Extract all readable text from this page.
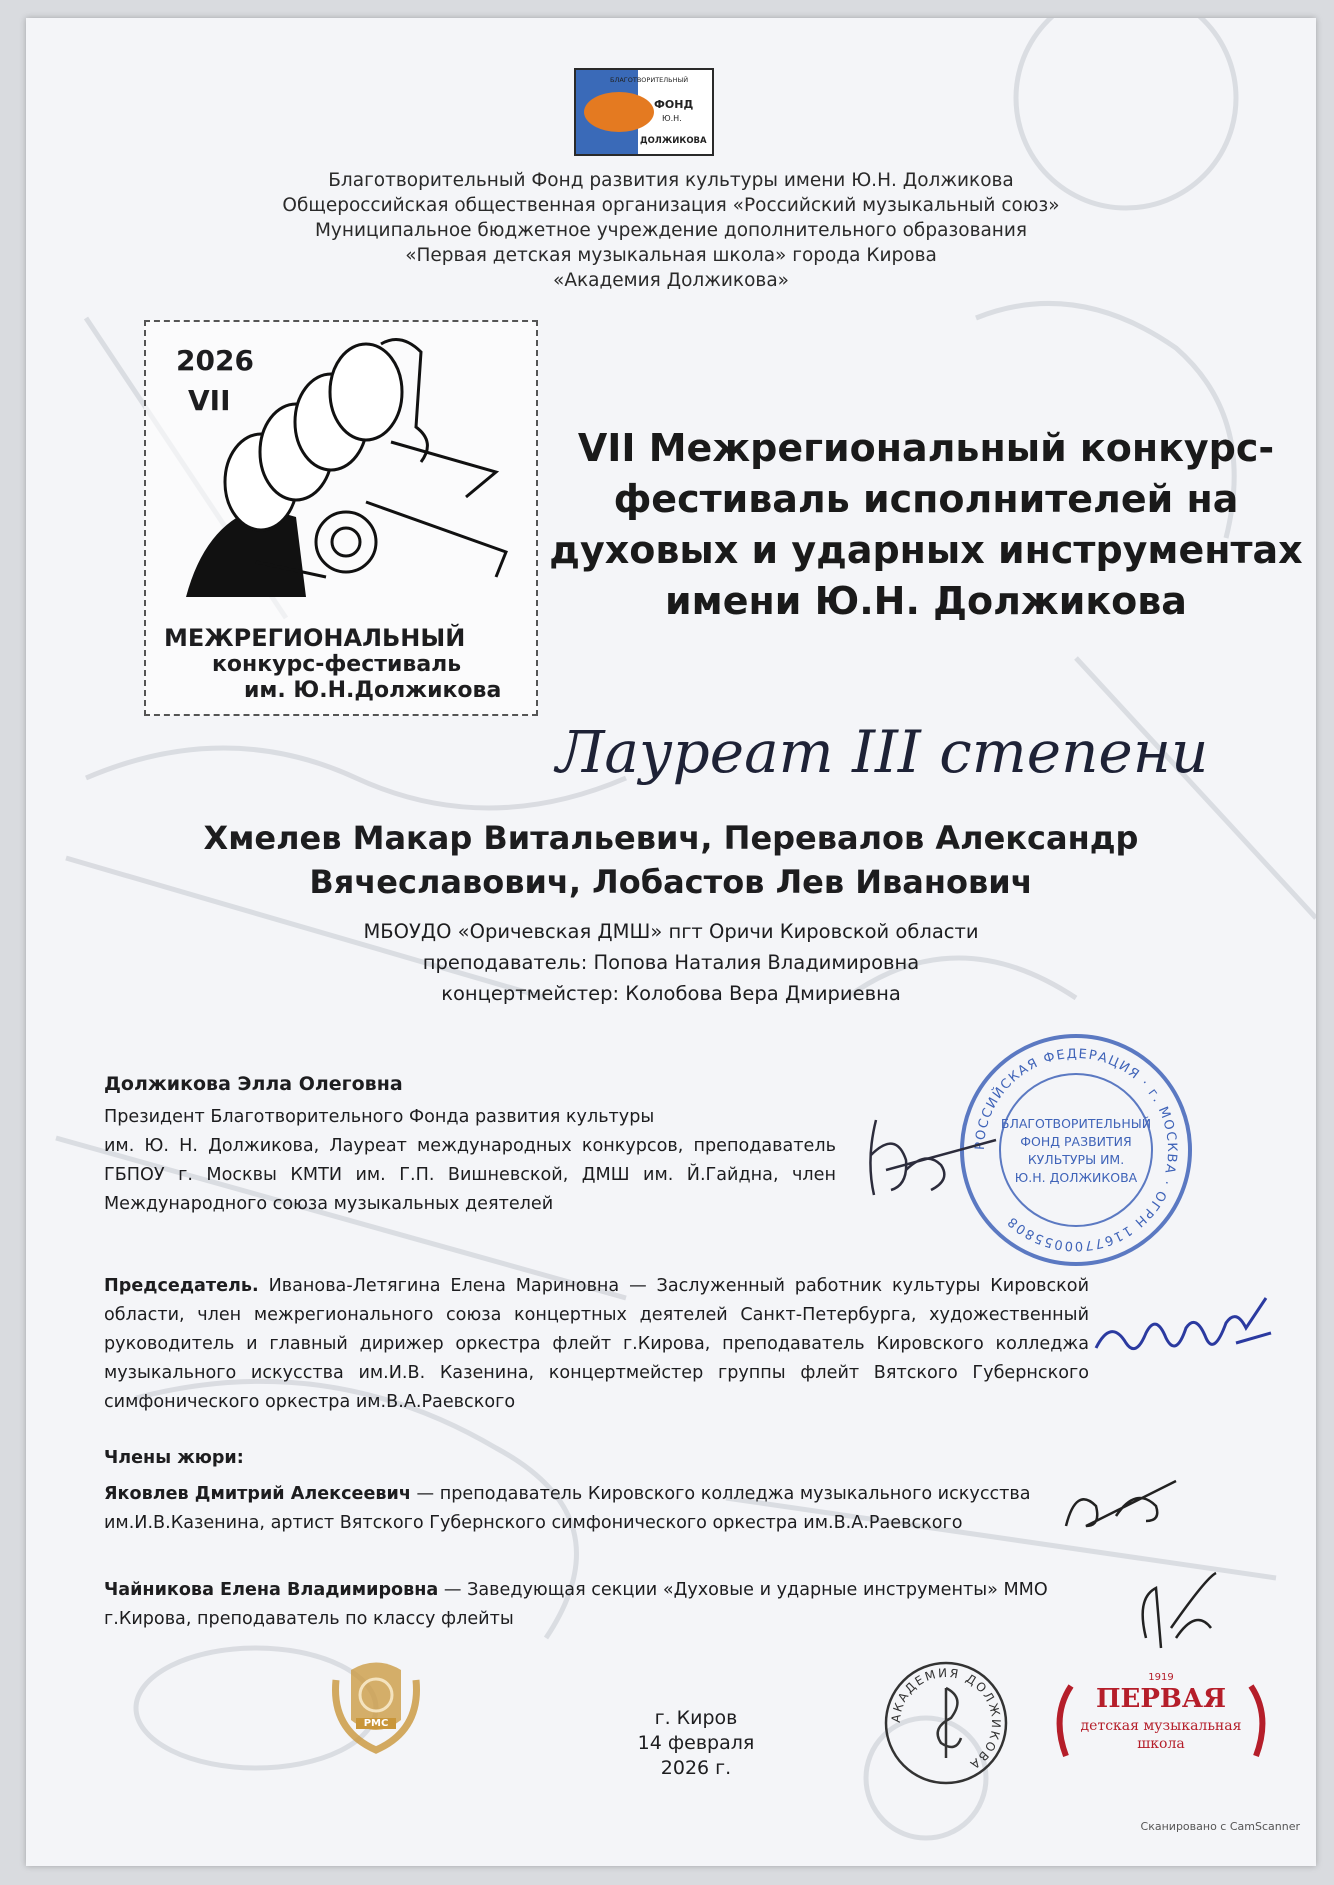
БЛАГОТВОРИТЕЛЬНЫЙ
ФОНД
Ю.Н.
ДОЛЖИКОВА
Благотворительный Фонд развития культуры имени Ю.Н. Должикова
Общероссийская общественная организация «Российский музыкальный союз»
Муниципальное бюджетное учреждение дополнительного образования
«Первая детская музыкальная школа» города Кирова
«Академия Должикова»
2026
VII
МЕЖРЕГИОНАЛЬНЫЙ
конкурс-фестиваль
им. Ю.Н.Должикова
VII Межрегиональный конкурс-
фестиваль исполнителей на
духовых и ударных инструментах
имени Ю.Н. Должикова
Лауреат III степени
Хмелев Макар Витальевич, Перевалов Александр
Вячеславович, Лобастов Лев Иванович
МБОУДО «Оричевская ДМШ» пгт Оричи Кировской области
преподаватель: Попова Наталия Владимировна
концертмейстер: Колобова Вера Дмириевна
Должикова Элла Олеговна
Президент Благотворительного Фонда развития культуры
им. Ю. Н. Должикова, Лауреат международных конкурсов, преподаватель ГБПОУ г. Москвы КМТИ им. Г.П. Вишневской, ДМШ им. Й.Гайдна, член Международного союза музыкальных деятелей
РОССИЙСКАЯ ФЕДЕРАЦИЯ · г. МОСКВА · ОГРН 1167700055808
БЛАГОТВОРИТЕЛЬНЫЙ
ФОНД РАЗВИТИЯ
КУЛЬТУРЫ ИМ.
Ю.Н. ДОЛЖИКОВА
Председатель. Иванова-Летягина Елена Мариновна — Заслуженный работник культуры Кировской области, член межрегионального союза концертных деятелей Санкт-Петербурга, художественный руководитель и главный дирижер оркестра флейт г.Кирова, преподаватель Кировского колледжа музыкального искусства им.И.В. Казенина, концертмейстер группы флейт Вятского Губернского симфонического оркестра им.В.А.Раевского
Члены жюри:
Яковлев Дмитрий Алексеевич — преподаватель Кировского колледжа музыкального искусства им.И.В.Казенина, артист Вятского Губернского симфонического оркестра им.В.А.Раевского
Чайникова Елена Владимировна — Заведующая секции «Духовые и ударные инструменты» ММО г.Кирова, преподаватель по классу флейты
РМС	г. Киров
14 февраля
2026 г.
АКАДЕМИЯ ДОЛЖИКОВА
1919
ПЕРВАЯ
детская музыкальная
школа
Сканировано с CamScanner
